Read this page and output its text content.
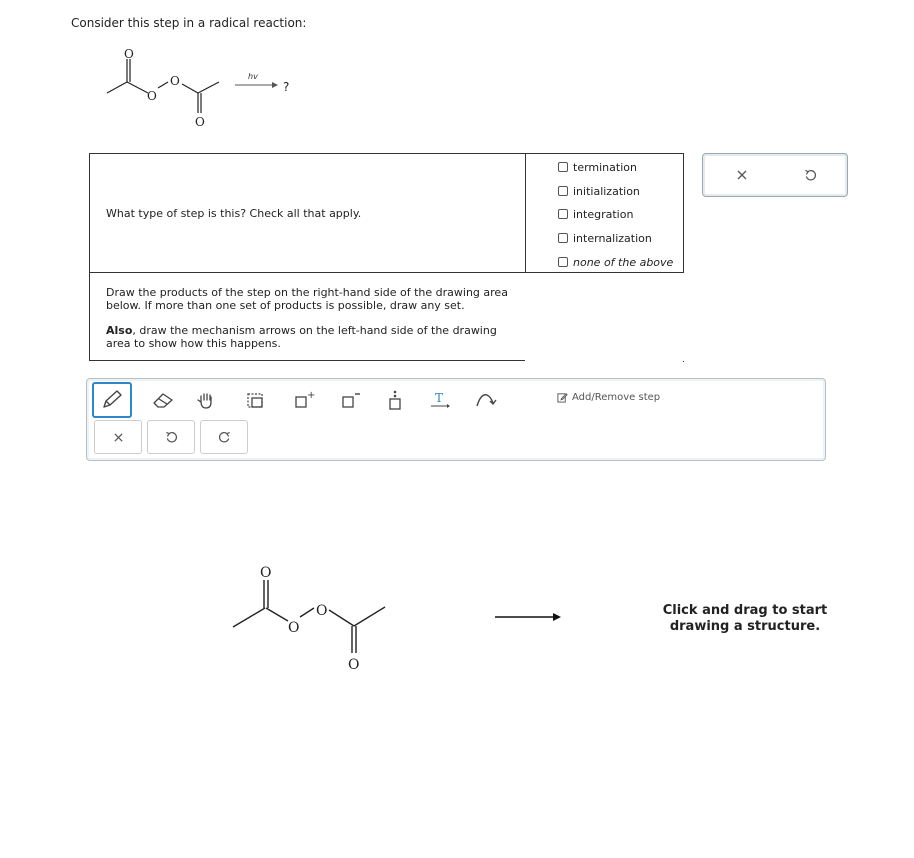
Consider this step in a radical reaction:
O
O
O
O
hv
?
What type of step is this? Check all that apply.
termination
initialization
integration
internalization
none of the above

Draw the products of the step on the right-hand side of the drawing area below. If more than one set of products is possible, draw any set.

Also, draw the mechanism arrows on the left-hand side of the drawing area to show how this happens.

+	T	Add/Remove step
O
O
O
O
Click and drag to start
drawing a structure.
